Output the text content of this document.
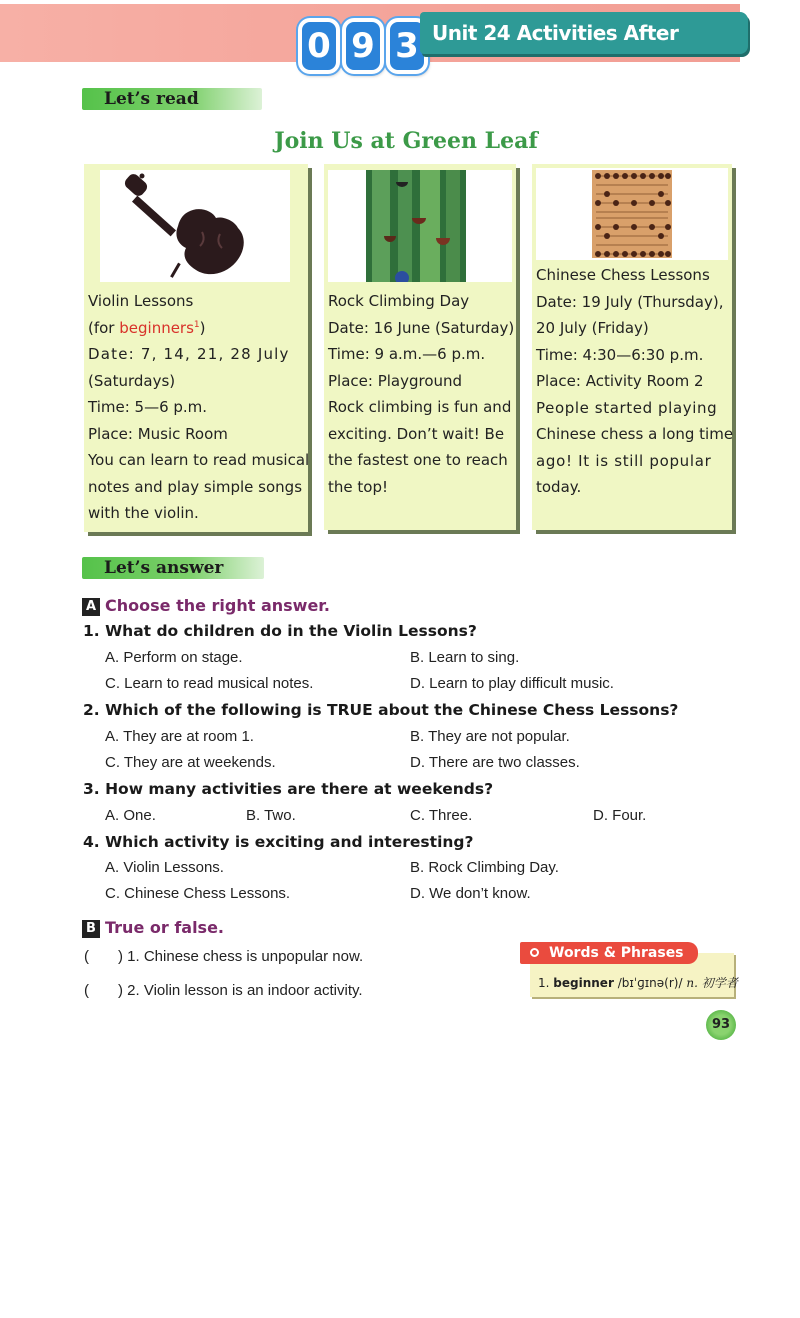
0 9 3 Unit 24 Activities After School
Let’s read
Join Us at Green Leaf
Violin Lessons
(for beginners$^1$)
Date: 7, 14, 21, 28 July
(Saturdays)
Time: 5—6 p.m.
Place: Music Room
You can learn to read musical
notes and play simple songs
with the violin.
Rock Climbing Day
Date: 16 June (Saturday)
Time: 9 a.m.—6 p.m.
Place: Playground
Rock climbing is fun and
exciting. Don’t wait! Be
the fastest one to reach
the top!
Chinese Chess Lessons
Date: 19 July (Thursday),
20 July (Friday)
Time: 4:30—6:30 p.m.
Place: Activity Room 2
People started playing
Chinese chess a long time
ago! It is still popular
today.
Let’s answer
A Choose the right answer.
1. What do children do in the Violin Lessons?
A. Perform on stage.	B. Learn to sing.
C. Learn to read musical notes.	D. Learn to play difficult music.
2. Which of the following is TRUE about the Chinese Chess Lessons?
A. They are at room 1.	B. They are not popular.
C. They are at weekends.	D. There are two classes.
3. How many activities are there at weekends?
A. One.	B. Two.	C. Three.	D. Four.
4. Which activity is exciting and interesting?
A. Violin Lessons.	B. Rock Climbing Day.
C. Chinese Chess Lessons.	D. We don’t know.
B True or false.
( ) 1. Chinese chess is unpopular now.
( ) 2. Violin lesson is an indoor activity.	1. beginner /bɪˈɡɪnə(r)/ n. 初学者
Words & Phrases
93
